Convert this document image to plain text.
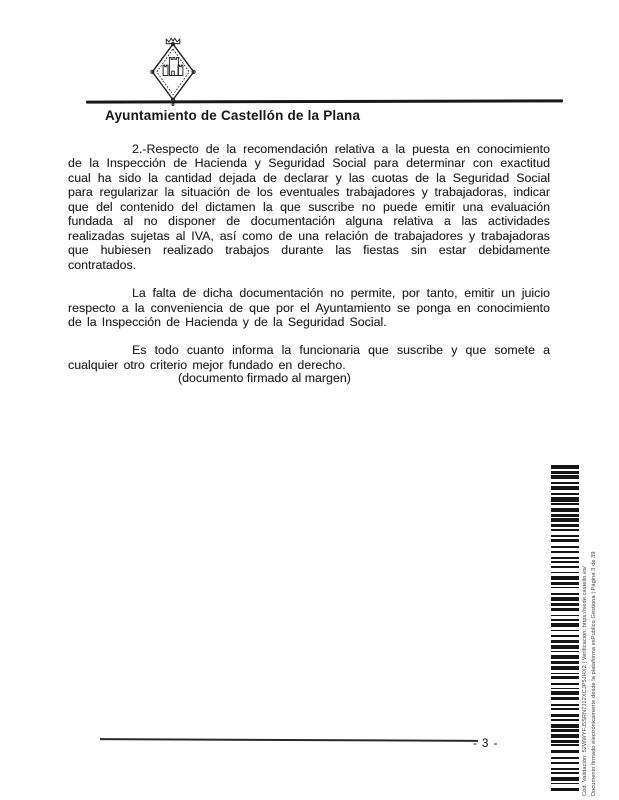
Ayuntamiento de Castellón de la Plana

2.-Respecto de la recomendación relativa a la puesta en conocimiento de la Inspección de Hacienda y Seguridad Social para determinar con exactitud cual ha sido la cantidad dejada de declarar y las cuotas de la Seguridad Social para regularizar la situación de los eventuales trabajadores y trabajadoras, indicar que del contenido del dictamen la que suscribe no puede emitir una evaluación fundada al no disponer de documentación alguna relativa a las actividades realizadas sujetas al IVA, así como de una relación de trabajadores y trabajadoras que hubiesen realizado trabajos durante las fiestas sin estar debidamente contratados.

La falta de dicha documentación no permite, por tanto, emitir un juicio respecto a la conveniencia de que por el Ayuntamiento se ponga en conocimiento de la Inspección de Hacienda y de la Seguridad Social.

Es todo cuanto informa la funcionaria que suscribe y que somete a cualquier otro criterio mejor fundado en derecho.

(documento firmado al margen)
- 3 -	Cód. Validación: 52WWYFJ5SRN7J12XCJP5JHX2 | Verificación: https://sede.castello.es/ Documento firmado electrónicamente desde la plataforma esPublico Gestiona | Página 3 de 39
